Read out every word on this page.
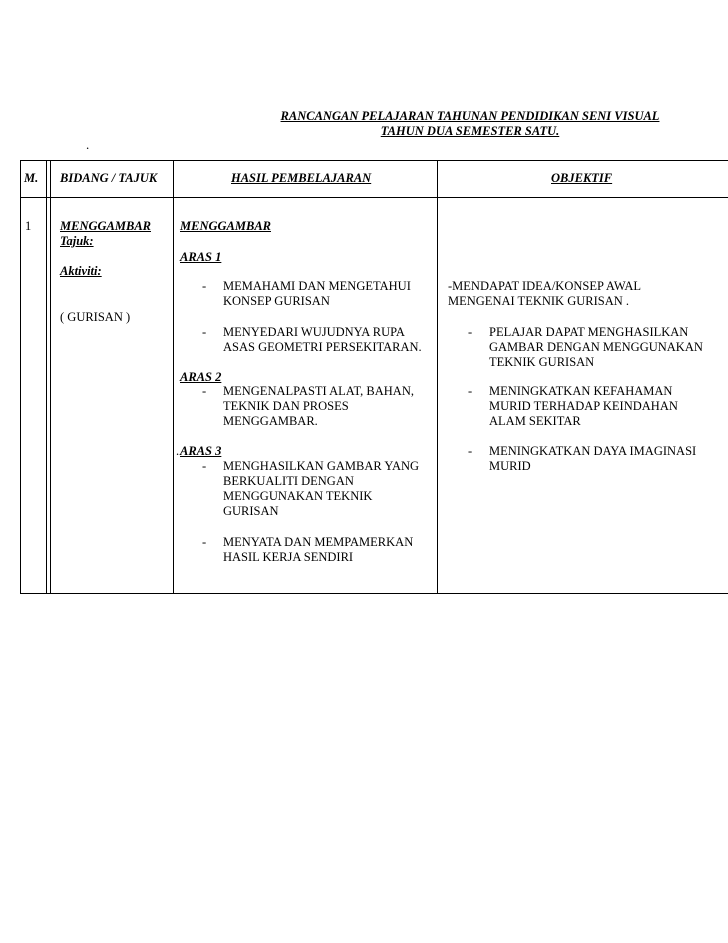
RANCANGAN PELAJARAN TAHUNAN PENDIDIKAN SENI VISUAL
TAHUN DUA SEMESTER SATU.
.
M. BIDANG / TAJUK	HASIL PEMBELAJARAN	OBJEKTIF
1 MENGGAMBAR
Tajuk:
Aktiviti:
( GURISAN )
MENGGAMBAR
ARAS 1
- MEMAHAMI DAN MENGETAHUI
KONSEP GURISAN
- MENYEDARI WUJUDNYA RUPA
ASAS GEOMETRI PERSEKITARAN.
ARAS 2
- MENGENALPASTI ALAT, BAHAN,
TEKNIK DAN PROSES
MENGGAMBAR.
. ARAS 3
- MENGHASILKAN GAMBAR YANG
BERKUALITI DENGAN
MENGGUNAKAN TEKNIK
GURISAN
- MENYATA DAN MEMPAMERKAN
HASIL KERJA SENDIRI
-MENDAPAT IDEA/KONSEP AWAL
MENGENAI TEKNIK GURISAN .
- PELAJAR DAPAT MENGHASILKAN
GAMBAR DENGAN MENGGUNAKAN
TEKNIK GURISAN
- MENINGKATKAN KEFAHAMAN
MURID TERHADAP KEINDAHAN
ALAM SEKITAR
- MENINGKATKAN DAYA IMAGINASI
MURID
